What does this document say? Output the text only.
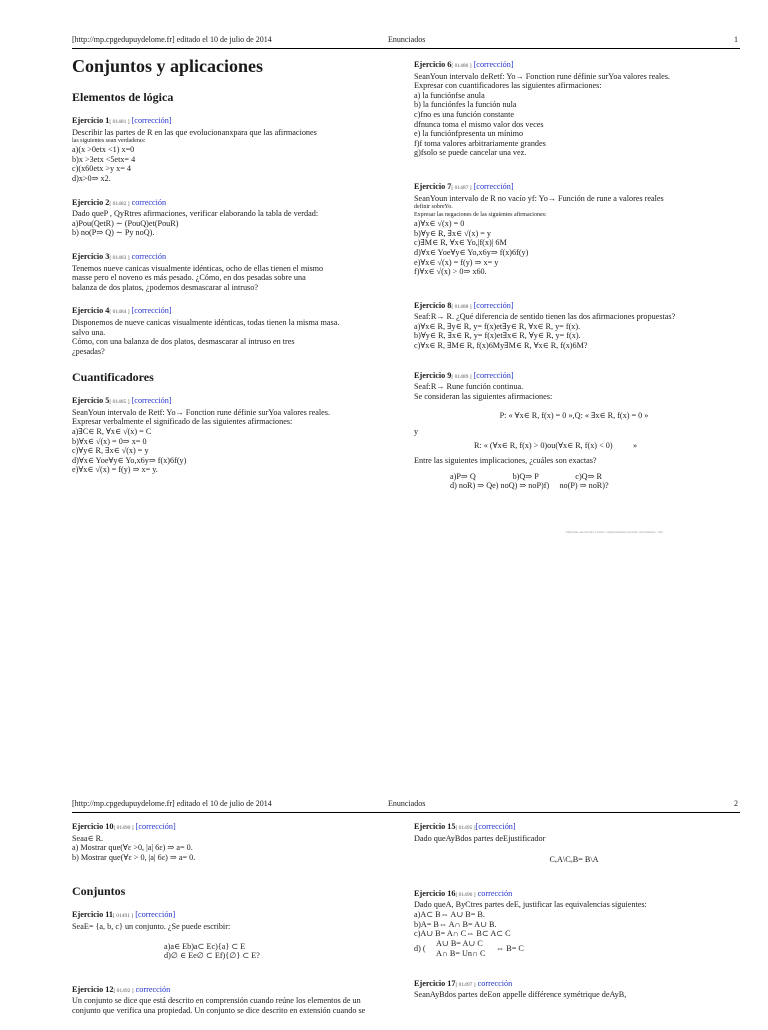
[http://mp.cpgedupuydelome.fr] editado el 10 de julio de 2014	Enunciados	1
Conjuntos y aplicaciones
Elementos de lógica

Ejercicio 1[ 01481 ] [corrección]

Describir las partes de R en las que evolucionanxpara que las afirmaciones

las siguientes sean verdaderas:

a)(x >0etx <1) x=0

b)x >3etx <5etx= 4

c)(x60etx >y x= 4

d)x>0⇒ x2.

Ejercicio 2[ 01482 ] corrección

Dado queP , QyRtres afirmaciones, verificar elaborando la tabla de verdad:

a)Pou(QetR) ∼ (PouQ)et(PouR)

b) no(P⇒ Q) ∼ Py noQ).

Ejercicio 3[ 01483 ] corrección

Tenemos nueve canicas visualmente idénticas, ocho de ellas tienen el mismo

masse pero el noveno es más pesado. ¿Cómo, en dos pesadas sobre una

balanza de dos platos, ¿podemos desmascarar al intruso?

Ejercicio 4[ 01484 ] [corrección]

Disponemos de nueve canicas visualmente idénticas, todas tienen la misma masa.

salvo una.

Cómo, con una balanza de dos platos, desmascarar al intruso en tres

¿pesadas?

Cuantificadores

Ejercicio 5[ 01485 ] [corrección]

SeanYoun intervalo de Retf: Yo→ Fonction rune définie surYoa valores reales.

Expresar verbalmente el significado de las siguientes afirmaciones:

a)∃C∈ R, ∀x∈ √(x) = C

b)∀x∈ √(x) = 0⇒ x= 0

c)∀y∈ R, ∃x∈ √(x) = y

d)∀x∈ Yoe∀y∈ Yo,x6y⇒ f(x)6f(y)

e)∀x∈ √(x) = f(y) ⇒ x= y.

Ejercicio 6[ 01486 ] [corrección]

SeanYoun intervalo deRetf: Yo→ Fonction rune définie surYoa valores reales.

Expresar con cuantificadores las siguientes afirmaciones:

a) la funciónfse anula

b) la funciónfes la función nula

c)fno es una función constante

dfnunca toma el mismo valor dos veces

e) la funciónfpresenta un mínimo

f)f toma valores arbitrariamente grandes

g)fsolo se puede cancelar una vez.

Ejercicio 7[ 01487 ] [corrección]

SeanYoun intervalo de R no vacío yf: Yo→ Función de rune a valores reales

definir sobreYo.

Expresar las negaciones de las siguientes afirmaciones:

a)∀x∈ √(x) = 0

b)∀y∈ R, ∃x∈ √(x) = y

c)∃M∈ R, ∀x∈ Yo,|f(x)| 6M

d)∀x∈ Yoe∀y∈ Yo,x6y⇒ f(x)6f(y)

e)∀x∈ √(x) = f(y) ⇒ x= y

f)∀x∈ √(x) > 0⇒ x60.

Ejercicio 8[ 01488 ] [corrección]

Seaf:R→ R. ¿Qué diferencia de sentido tienen las dos afirmaciones propuestas?

a)∀x∈ R, ∃y∈ R, y= f(x)et∃y∈ R, ∀x∈ R, y= f(x).

b)∀y∈ R, ∃x∈ R, y= f(x)et∃x∈ R, ∀y∈ R, y= f(x).

c)∀x∈ R, ∃M∈ R, f(x)6Mу∃M∈ R, ∀x∈ R, f(x)6M?

Ejercicio 9[ 01489 ] [corrección]

Seaf:R→ Rune función continua.

Se consideran las siguientes afirmaciones:

P: « ∀x∈ R, f(x) = 0 »,Q: « ∃x∈ R, f(x) = 0 »

y

R: « (∀x∈ R, f(x) > 0)ou(∀x∈ R, f(x) < 0)          »

Entre las siguientes implicaciones, ¿cuáles son exactas?

a)P⇒ Q                  b)Q⇒ P                  c)Q⇒ R

d) noR) ⇒ Qe) noQ) ⇒ noP)f)     no(P) ⇒ noR)?

Difusión autorizada a título completamente gratuito únicamente - dD
[http://mp.cpgedupuydelome.fr] editado el 10 de julio de 2014	Enunciados	2

Ejercicio 10[ 01490 ] [corrección]

Seaa∈ R.

a) Mostrar que(∀ε >0, |a| 6ε) ⇒ a= 0.

b) Mostrar que(∀ε > 0, |a| 6ε) ⇒ a= 0.

Conjuntos

Ejercicio 11[ 01491 ] [corrección]

SeaE= {a, b, c} un conjunto. ¿Se puede escribir:

a)a∈ Eb)a⊂ Ec){a} ⊂ E

d)∅ ∈ Ee∅ ⊂ Ef){∅} ⊂ E?

Ejercicio 12[ 01492 ] corrección

Un conjunto se dice que está descrito en comprensión cuando reúne los elementos de un

conjunto que verifica una propiedad. Un conjunto se dice descrito en extensión cuando se

Ejercicio 15[ 01495 ][corrección]

Dado queAyBdos partes deEjustificador

CₑA\CₑB= B\A

Ejercicio 16[ 01496 ] corrección

Dado queA, ByCtres partes deE, justificar las equivalencias siguientes:

a)A⊂ B⇔ A∪ B= B.

b)A= B⇔ A∩ B= A∪ B.

c)A∪ B= A∩ C⇔ B⊂ A⊂ C

d) (
A∪ B= A∪ C
A∩ B= Un∩ C
⇔ B= C

Ejercicio 17[ 01497 ] corrección

SeanAyBdos partes deEon appelle différence symétrique deAyB,
